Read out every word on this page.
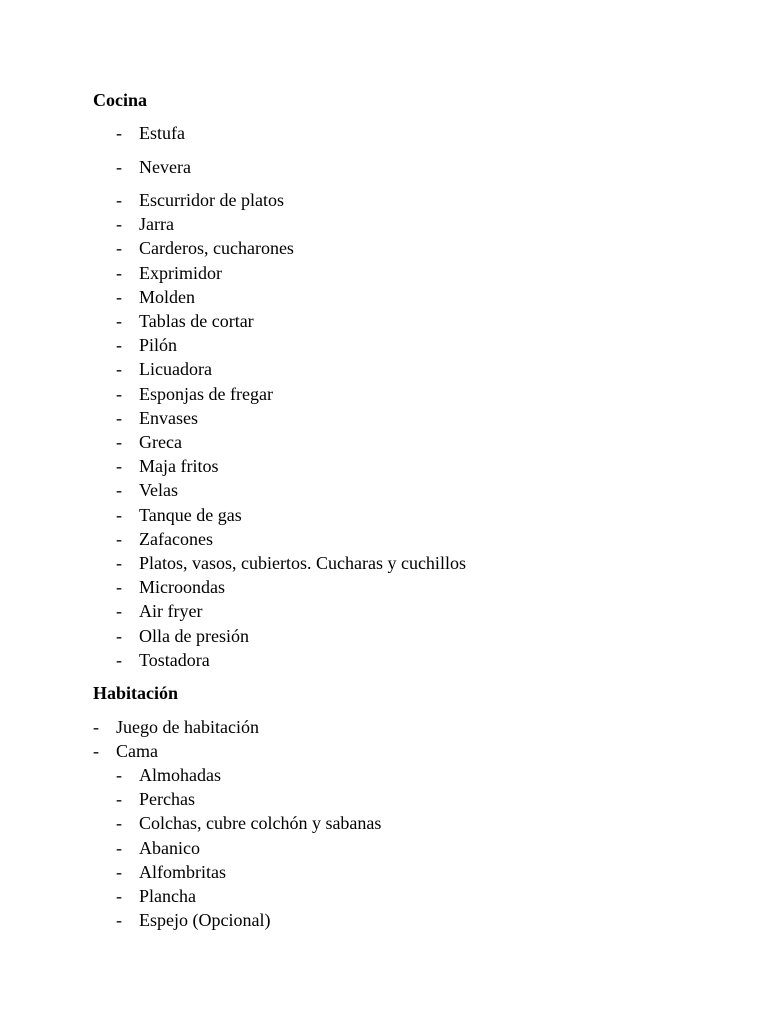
Cocina
- Estufa
- Nevera
- Escurridor de platos
- Jarra
- Carderos, cucharones
- Exprimidor
- Molden
- Tablas de cortar
- Pilón
- Licuadora
- Esponjas de fregar
- Envases
- Greca
- Maja fritos
- Velas
- Tanque de gas
- Zafacones
- Platos, vasos, cubiertos. Cucharas y cuchillos
- Microondas
- Air fryer
- Olla de presión
- Tostadora
Habitación
- Juego de habitación
- Cama
- Almohadas
- Perchas
- Colchas, cubre colchón y sabanas
- Abanico
- Alfombritas
- Plancha
- Espejo (Opcional)
